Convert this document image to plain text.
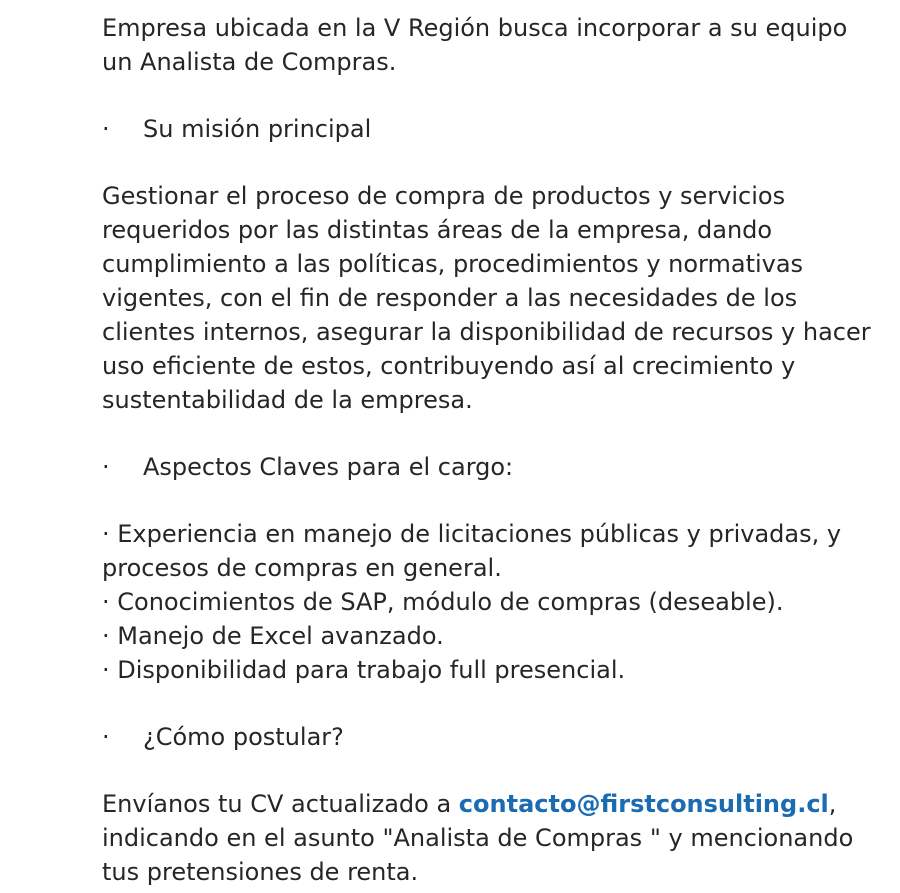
Empresa ubicada en la V Región busca incorporar a su equipo un Analista de Compras.

·	Su misión principal

Gestionar el proceso de compra de productos y servicios requeridos por las distintas áreas de la empresa, dando cumplimiento a las políticas, procedimientos y normativas vigentes, con el fin de responder a las necesidades de los clientes internos, asegurar la disponibilidad de recursos y hacer uso eficiente de estos, contribuyendo así al crecimiento y sustentabilidad de la empresa.

·	Aspectos Claves para el cargo:

· Experiencia en manejo de licitaciones públicas y privadas, y procesos de compras en general.
· Conocimientos de SAP, módulo de compras (deseable).
· Manejo de Excel avanzado.
· Disponibilidad para trabajo full presencial.

·	¿Cómo postular?

Envíanos tu CV actualizado a contacto@firstconsulting.cl, indicando en el asunto "Analista de Compras " y mencionando tus pretensiones de renta.
